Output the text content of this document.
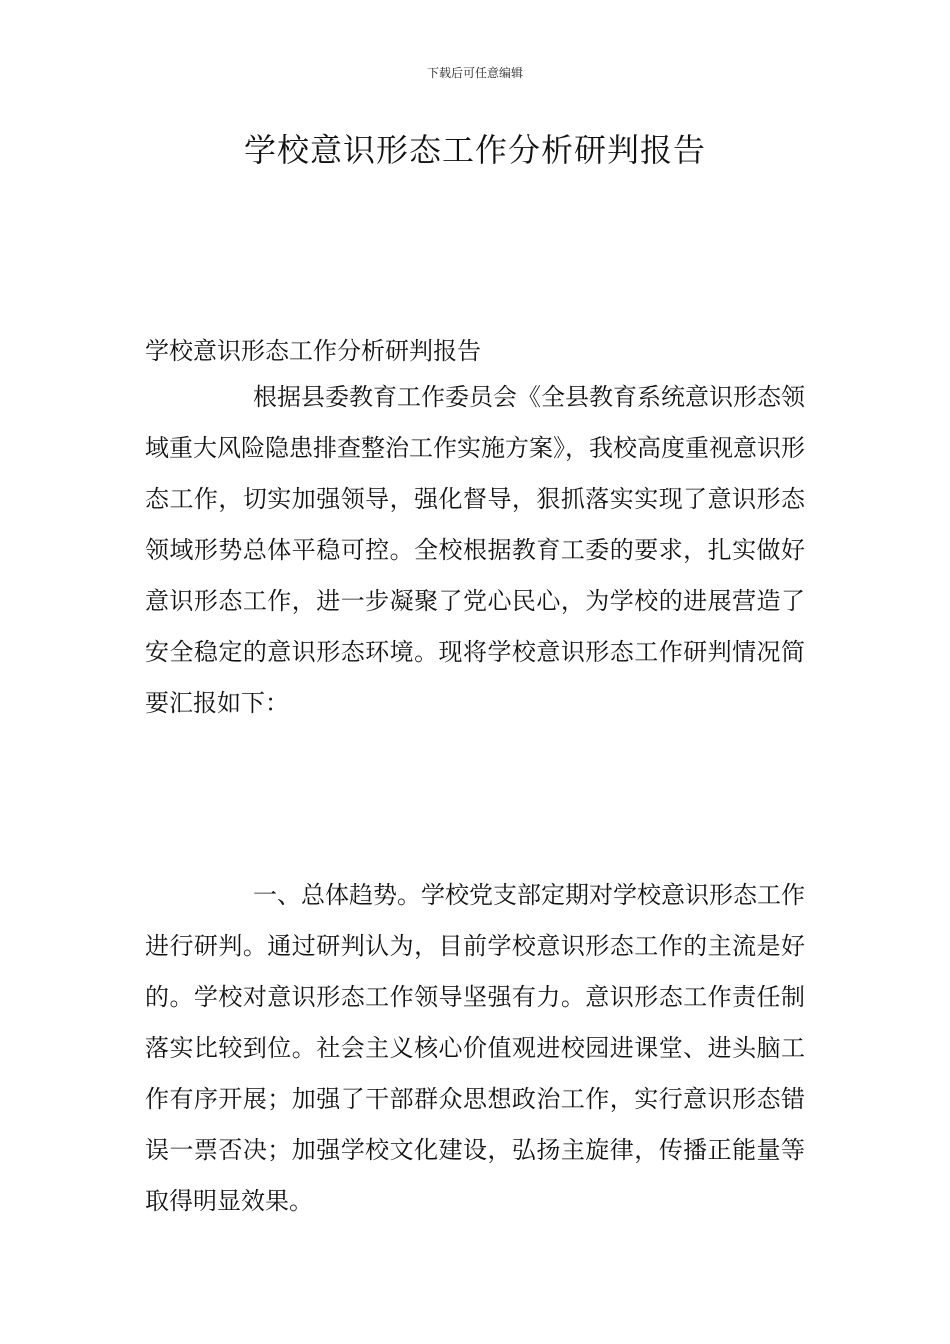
下载后可任意编辑
学校意识形态工作分析研判报告

学校意识形态工作分析研判报告

根据县委教育工作委员会《全县教育系统意识形态领域重大风险隐患排查整治工作实施方案》，我校高度重视意识形态工作，切实加强领导，强化督导，狠抓落实实现了意识形态领域形势总体平稳可控。全校根据教育工委的要求，扎实做好意识形态工作，进一步凝聚了党心民心，为学校的进展营造了安全稳定的意识形态环境。现将学校意识形态工作研判情况简要汇报如下：

一、总体趋势。学校党支部定期对学校意识形态工作进行研判。通过研判认为，目前学校意识形态工作的主流是好的。学校对意识形态工作领导坚强有力。意识形态工作责任制落实比较到位。社会主义核心价值观进校园进课堂、进头脑工作有序开展；加强了干部群众思想政治工作，实行意识形态错误一票否决；加强学校文化建设，弘扬主旋律，传播正能量等取得明显效果。
